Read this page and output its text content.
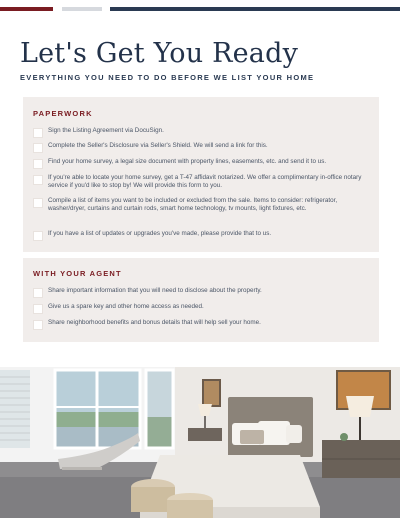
Let's Get You Ready
EVERYTHING YOU NEED TO DO BEFORE WE LIST YOUR HOME
PAPERWORK
Sign the Listing Agreement via DocuSign.
Complete the Seller's Disclosure via Seller's Shield. We will send a link for this.
Find your home survey, a legal size document with property lines, easements, etc. and send it to us.
If you're able to locate your home survey, get a T-47 affidavit notarized. We offer a complimentary in-office notary service if you'd like to stop by! We will provide this form to you.
Compile a list of items you want to be included or excluded from the sale. Items to consider: refrigerator, washer/dryer, curtains and curtain rods, smart home technology, tv mounts, light fixtures, etc.
If you have a list of updates or upgrades you've made, please provide that to us.
WITH YOUR AGENT
Share important information that you will need to disclose about the property.
Give us a spare key and other home access as needed.
Share neighborhood benefits and bonus details that will help sell your home.
